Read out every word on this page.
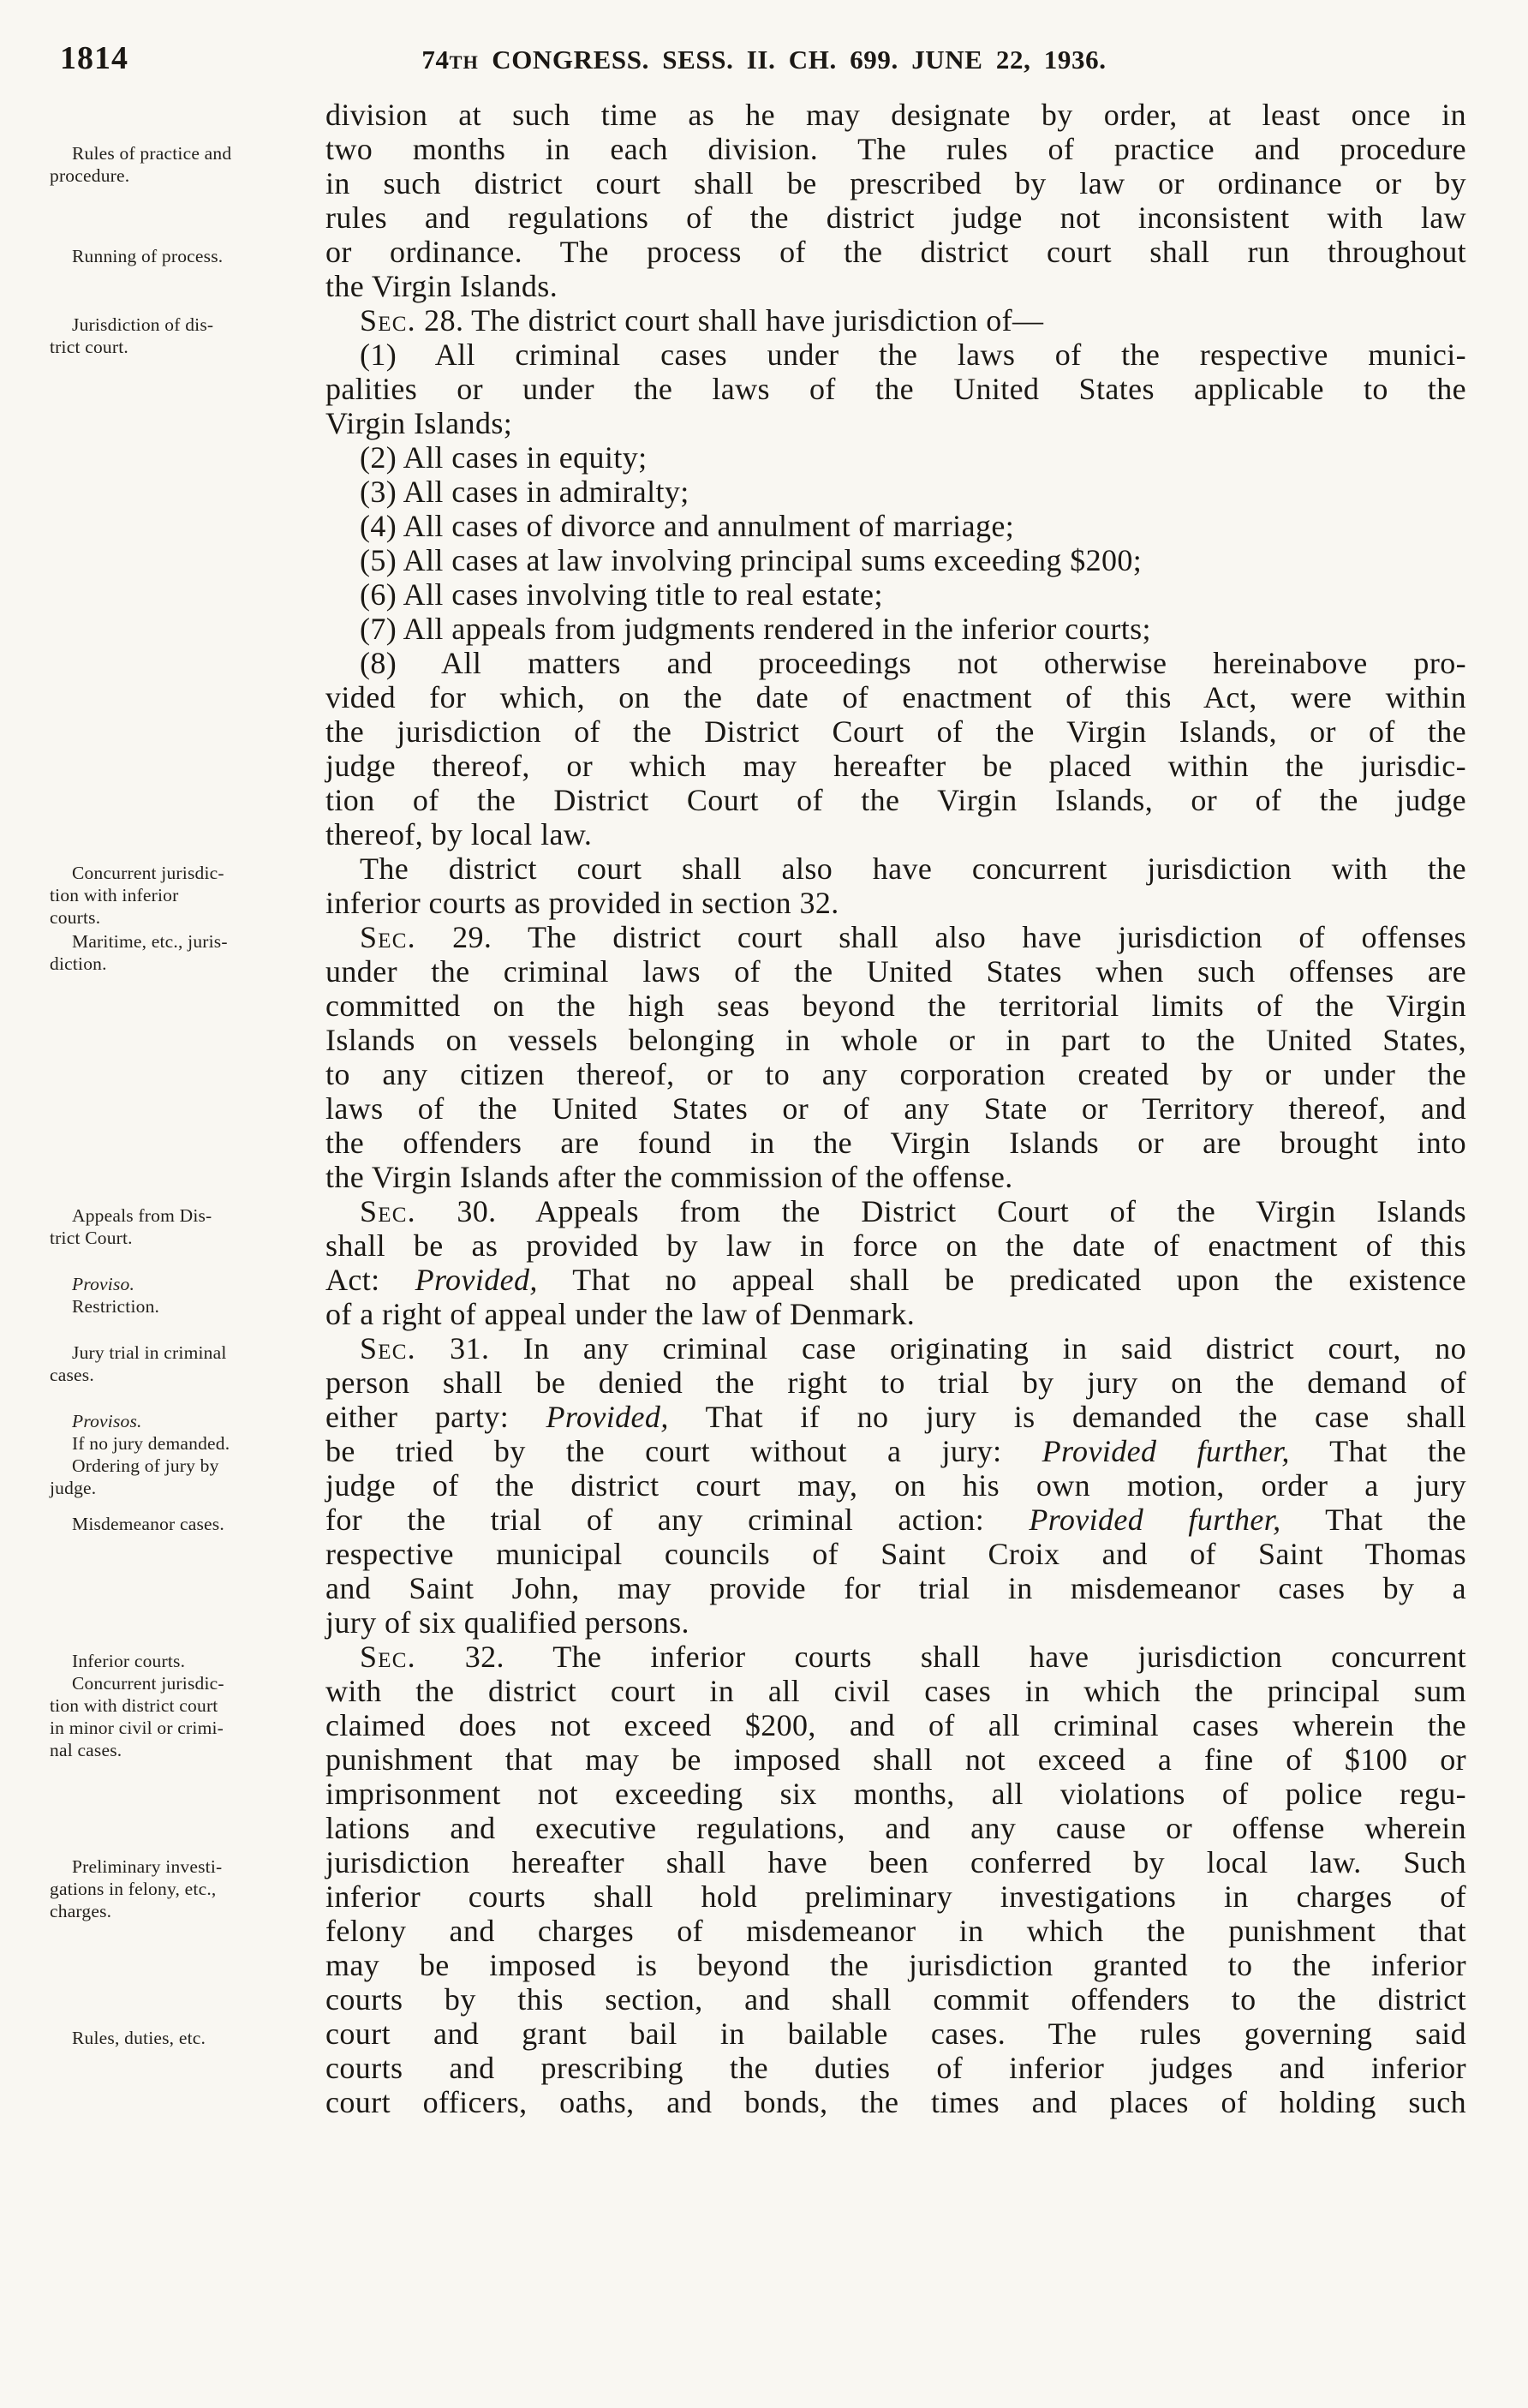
1814	74TH CONGRESS. SESS. II. CH. 699. JUNE 22, 1936.
Rules of practice and
procedure.
Running of process.
division at such time as he may designate by order, at least once in
two months in each division. The rules of practice and procedure
in such district court shall be prescribed by law or ordinance or by
rules and regulations of the district judge not inconsistent with law
or ordinance. The process of the district court shall run throughout
the Virgin Islands.
Jurisdiction of dis-
trict court.
Sec. 28. The district court shall have jurisdiction of—
(1) All criminal cases under the laws of the respective munici-
palities or under the laws of the United States applicable to the
Virgin Islands;
(2) All cases in equity;
(3) All cases in admiralty;
(4) All cases of divorce and annulment of marriage;
(5) All cases at law involving principal sums exceeding $200;
(6) All cases involving title to real estate;
(7) All appeals from judgments rendered in the inferior courts;
(8) All matters and proceedings not otherwise hereinabove pro-
vided for which, on the date of enactment of this Act, were within
the jurisdiction of the District Court of the Virgin Islands, or of the
judge thereof, or which may hereafter be placed within the jurisdic-
tion of the District Court of the Virgin Islands, or of the judge
thereof, by local law.
Concurrent jurisdic-
tion with inferior
courts.
The district court shall also have concurrent jurisdiction with the
inferior courts as provided in section 32.
Maritime, etc., juris-
diction.
Sec. 29. The district court shall also have jurisdiction of offenses
under the criminal laws of the United States when such offenses are
committed on the high seas beyond the territorial limits of the Virgin
Islands on vessels belonging in whole or in part to the United States,
to any citizen thereof, or to any corporation created by or under the
laws of the United States or of any State or Territory thereof, and
the offenders are found in the Virgin Islands or are brought into
the Virgin Islands after the commission of the offense.
Appeals from Dis-
trict Court.
Proviso.
Restriction.
Sec. 30. Appeals from the District Court of the Virgin Islands
shall be as provided by law in force on the date of enactment of this
Act: Provided, That no appeal shall be predicated upon the existence
of a right of appeal under the law of Denmark.
Jury trial in criminal
cases.
Provisos.
If no jury demanded.
Ordering of jury by
judge.
Misdemeanor cases.
Sec. 31. In any criminal case originating in said district court, no
person shall be denied the right to trial by jury on the demand of
either party: Provided, That if no jury is demanded the case shall
be tried by the court without a jury: Provided further, That the
judge of the district court may, on his own motion, order a jury
for the trial of any criminal action: Provided further, That the
respective municipal councils of Saint Croix and of Saint Thomas
and Saint John, may provide for trial in misdemeanor cases by a
jury of six qualified persons.
Inferior courts.
Concurrent jurisdic-
tion with district court
in minor civil or crimi-
nal cases.
Preliminary investi-
gations in felony, etc.,
charges.
Rules, duties, etc.
Sec. 32. The inferior courts shall have jurisdiction concurrent
with the district court in all civil cases in which the principal sum
claimed does not exceed $200, and of all criminal cases wherein the
punishment that may be imposed shall not exceed a fine of $100 or
imprisonment not exceeding six months, all violations of police regu-
lations and executive regulations, and any cause or offense wherein
jurisdiction hereafter shall have been conferred by local law. Such
inferior courts shall hold preliminary investigations in charges of
felony and charges of misdemeanor in which the punishment that
may be imposed is beyond the jurisdiction granted to the inferior
courts by this section, and shall commit offenders to the district
court and grant bail in bailable cases. The rules governing said
courts and prescribing the duties of inferior judges and inferior
court officers, oaths, and bonds, the times and places of holding such
